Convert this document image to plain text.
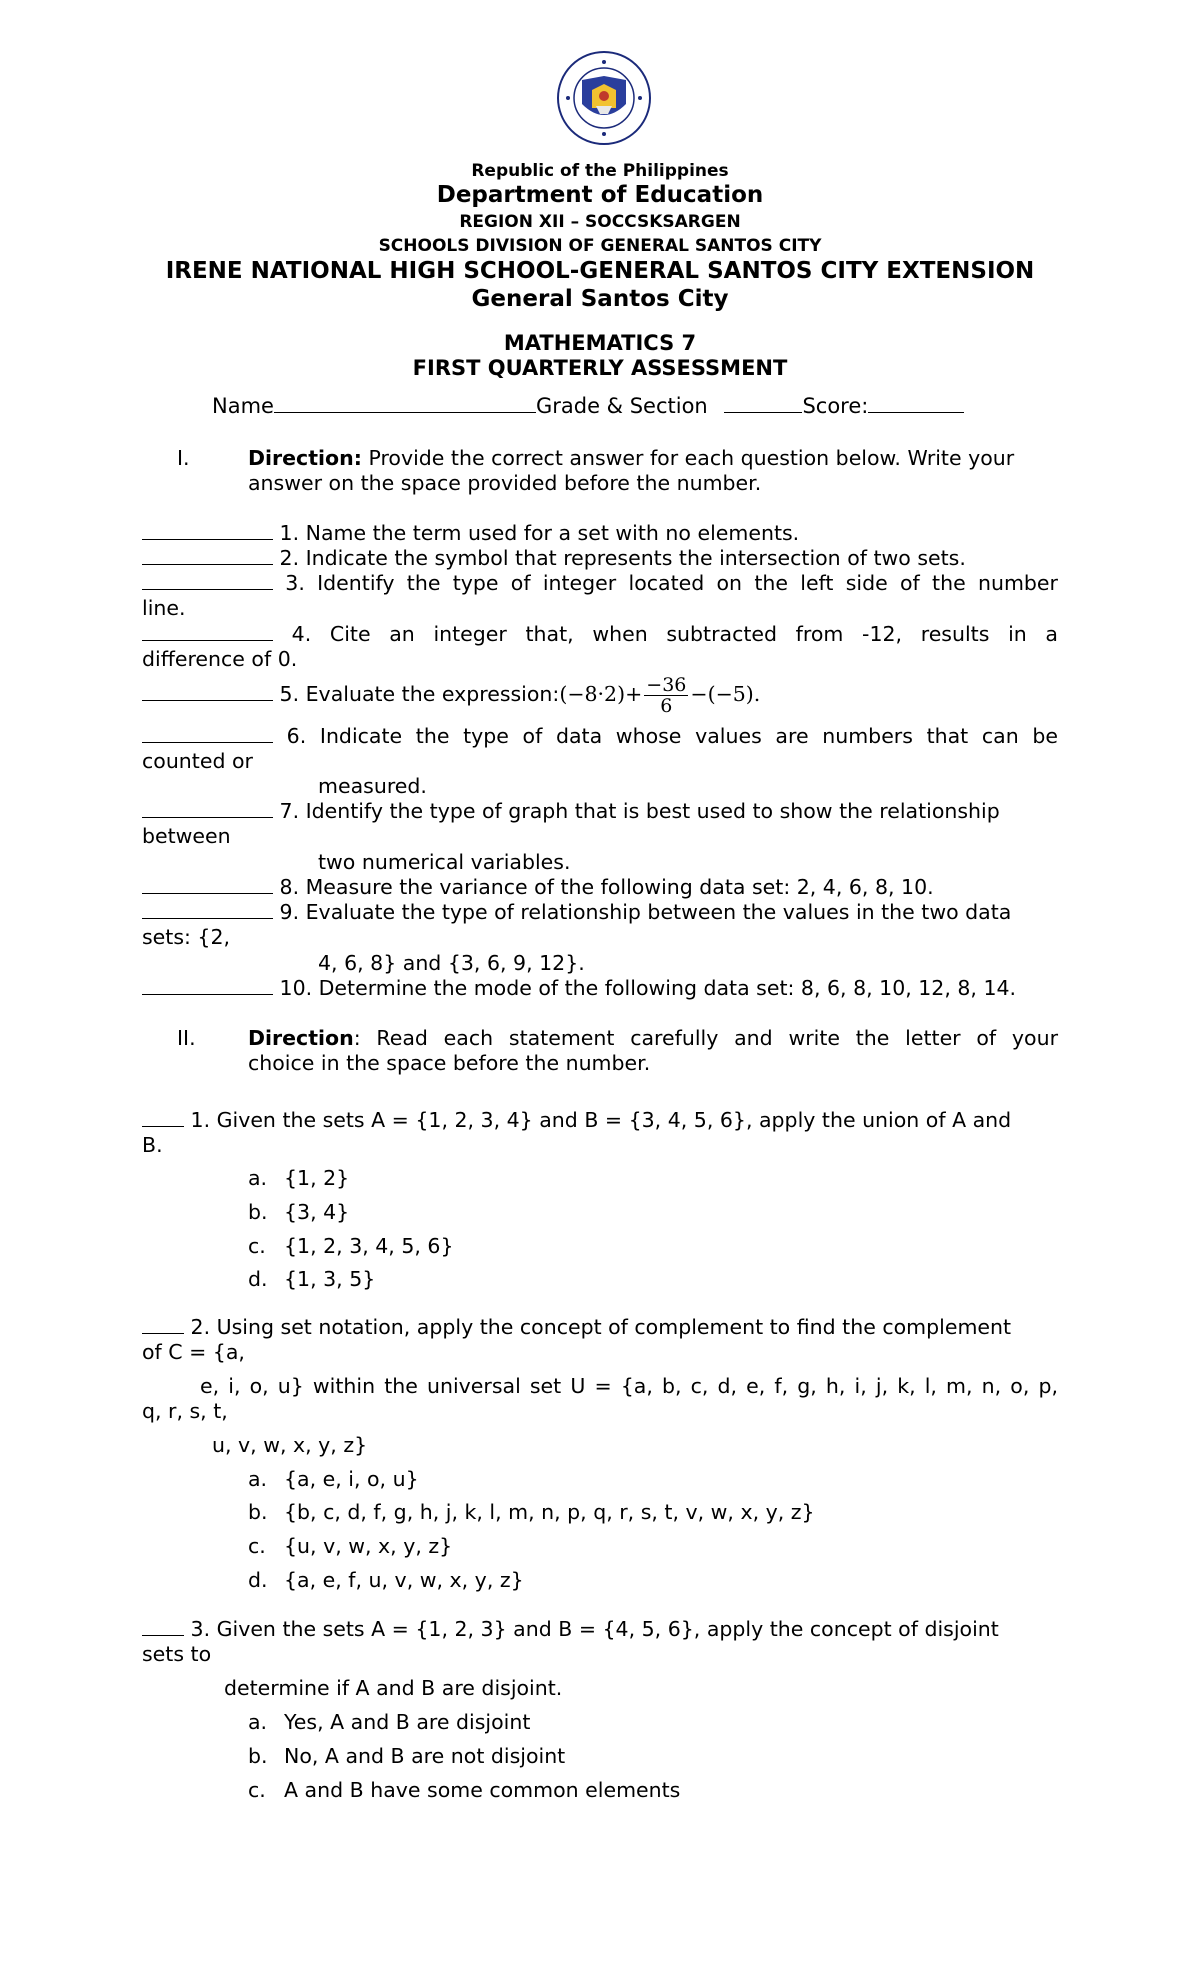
Republic of the Philippines
Department of Education
REGION XII – SOCCSKSARGEN
SCHOOLS DIVISION OF GENERAL SANTOS CITY
IRENE NATIONAL HIGH SCHOOL-GENERAL SANTOS CITY EXTENSION
General Santos City
MATHEMATICS 7
FIRST QUARTERLY ASSESSMENT
Name	Grade & Section	Score:
I.	Direction: Provide the correct answer for each question below. Write your
answer on the space provided before the number.
1. Name the term used for a set with no elements.
2. Indicate the symbol that represents the intersection of two sets.
3. Identify the type of integer located on the left side of the number
line.
4. Cite an integer that, when subtracted from -12, results in a
difference of 0.
5. Evaluate the expression:(−8·2)+ $\frac{-36}{6} -(-5)$.
6. Indicate the type of data whose values are numbers that can be
counted or
measured.
7. Identify the type of graph that is best used to show the relationship
between
two numerical variables.
8. Measure the variance of the following data set: 2, 4, 6, 8, 10.
9. Evaluate the type of relationship between the values in the two data
sets: {2,
4, 6, 8} and {3, 6, 9, 12}.
10. Determine the mode of the following data set: 8, 6, 8, 10, 12, 8, 14.
II.	Direction: Read each statement carefully and write the letter of your
choice in the space before the number.
1. Given the sets A = {1, 2, 3, 4} and B = {3, 4, 5, 6}, apply the union of A and
B.
a. {1, 2}
b. {3, 4}
c. {1, 2, 3, 4, 5, 6}
d. {1, 3, 5}
2. Using set notation, apply the concept of complement to find the complement
of C = {a,
e, i, o, u} within the universal set U = {a, b, c, d, e, f, g, h, i, j, k, l, m, n, o, p,
q, r, s, t,
u, v, w, x, y, z}
a. {a, e, i, o, u}
b. {b, c, d, f, g, h, j, k, l, m, n, p, q, r, s, t, v, w, x, y, z}
c. {u, v, w, x, y, z}
d. {a, e, f, u, v, w, x, y, z}
3. Given the sets A = {1, 2, 3} and B = {4, 5, 6}, apply the concept of disjoint
sets to
determine if A and B are disjoint.
a. Yes, A and B are disjoint
b. No, A and B are not disjoint
c. A and B have some common elements
